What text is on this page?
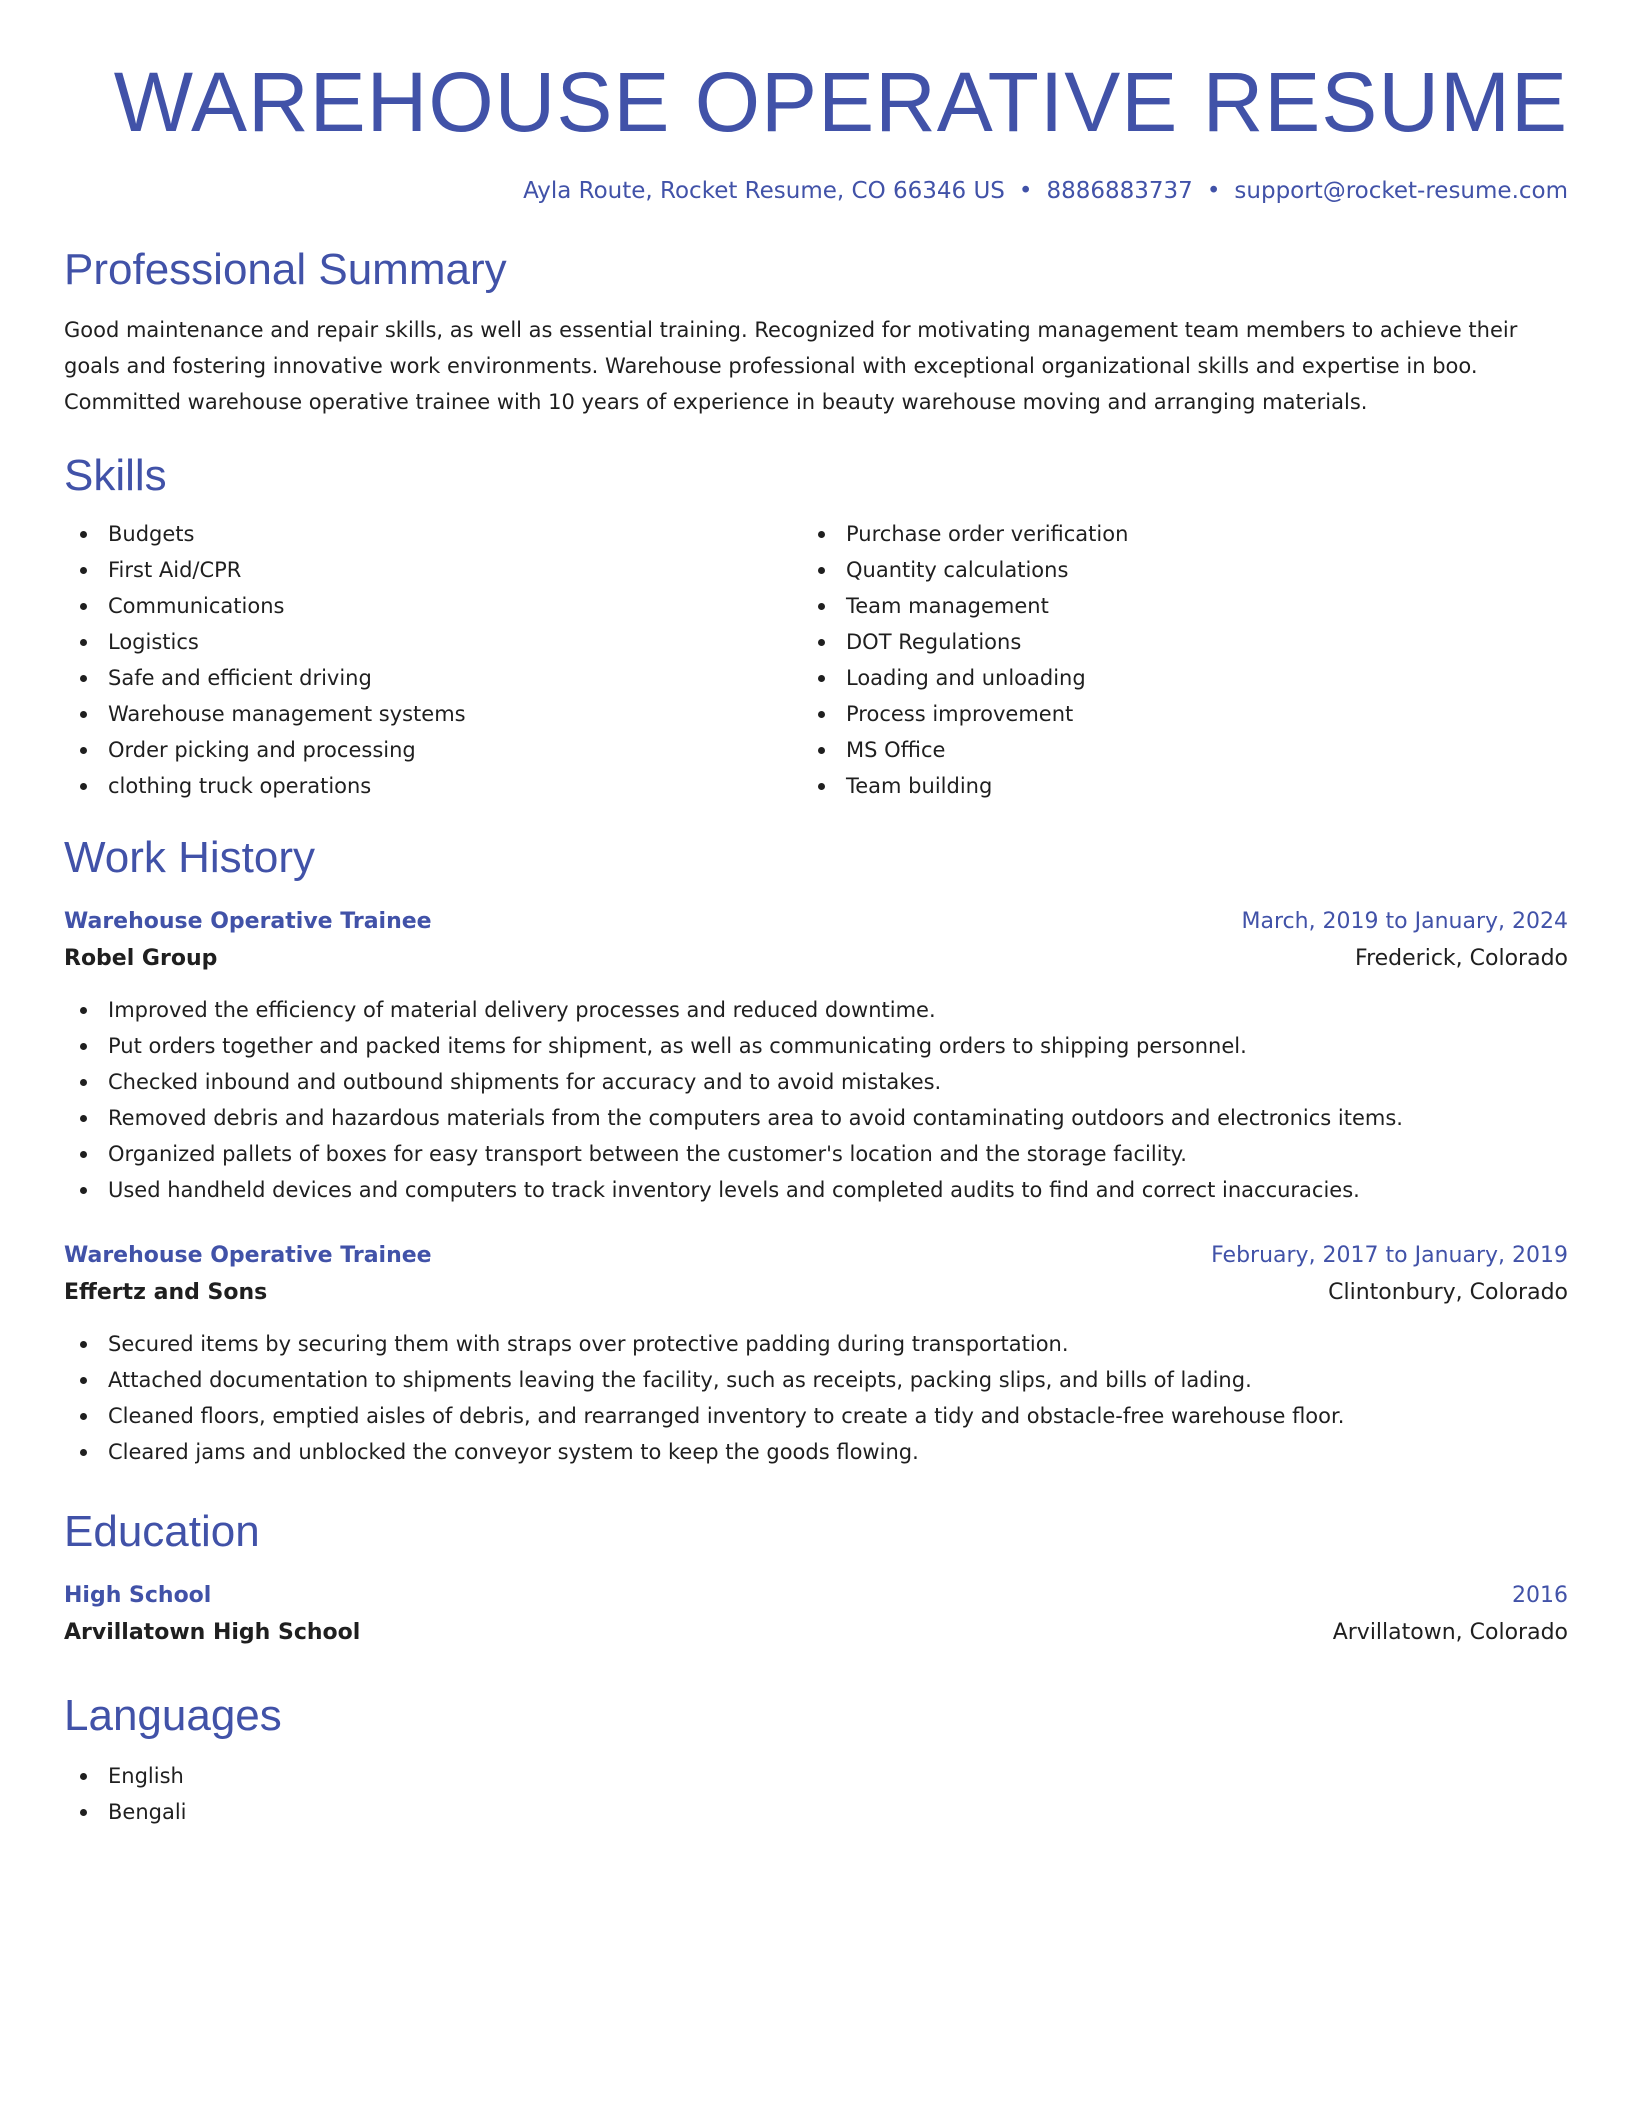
WAREHOUSE OPERATIVE RESUME
Ayla Route, Rocket Resume, CO 66346 US • 8886883737 • support@rocket-resume.com
Professional Summary

Good maintenance and repair skills, as well as essential training. Recognized for motivating management team members to achieve their goals and fostering innovative work environments. Warehouse professional with exceptional organizational skills and expertise in boo. Committed warehouse operative trainee with 10 years of experience in beauty warehouse moving and arranging materials.

Skills
Budgets
First Aid/CPR
Communications
Logistics
Safe and efficient driving
Warehouse management systems
Order picking and processing
clothing truck operations
Purchase order verification
Quantity calculations
Team management
DOT Regulations
Loading and unloading
Process improvement
MS Office
Team building
Work History
Warehouse Operative Trainee	March, 2019 to January, 2024
Robel Group	Frederick, Colorado
Improved the efficiency of material delivery processes and reduced downtime.
Put orders together and packed items for shipment, as well as communicating orders to shipping personnel.
Checked inbound and outbound shipments for accuracy and to avoid mistakes.
Removed debris and hazardous materials from the computers area to avoid contaminating outdoors and electronics items.
Organized pallets of boxes for easy transport between the customer's location and the storage facility.
Used handheld devices and computers to track inventory levels and completed audits to find and correct inaccuracies.
Warehouse Operative Trainee	February, 2017 to January, 2019
Effertz and Sons	Clintonbury, Colorado
Secured items by securing them with straps over protective padding during transportation.
Attached documentation to shipments leaving the facility, such as receipts, packing slips, and bills of lading.
Cleaned floors, emptied aisles of debris, and rearranged inventory to create a tidy and obstacle-free warehouse floor.
Cleared jams and unblocked the conveyor system to keep the goods flowing.
Education
High School	2016
Arvillatown High School	Arvillatown, Colorado
Languages
English
Bengali
